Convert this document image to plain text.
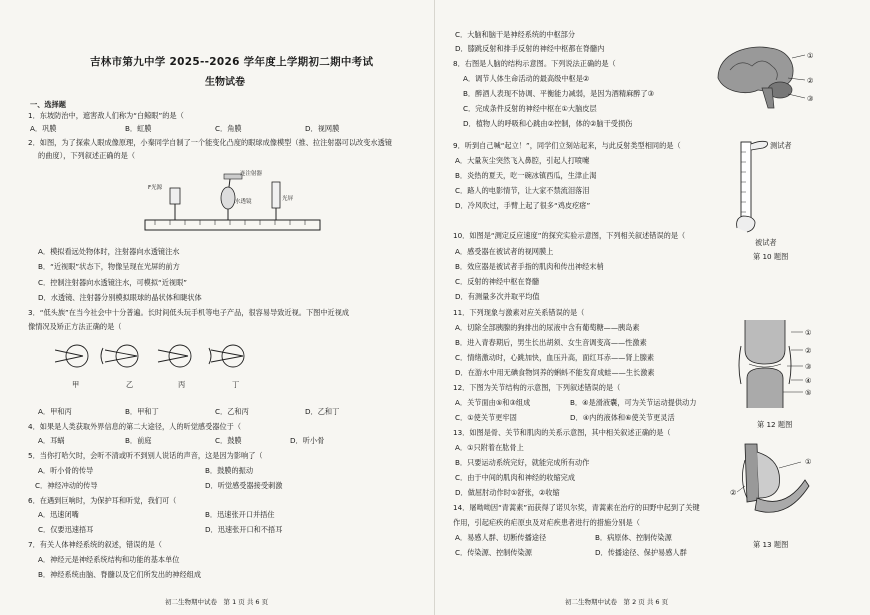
吉林市第九中学 2025--2026 学年度上学期初二期中考试
生物试卷
一、选择题
1．东坡防治中，遮害敌人们称为“白鲸眼”的是（
A．巩膜	B．虹膜	C．角膜	D．视网膜
2．如图，为了探索人眼成像原理，小秦同学自制了一个能变化凸度的眼球成像模型（推、拉注射器可以改变水透镜
的曲度），下列叙述正确的是（
F光源
连注射器
水透镜	光屏
A．模拟看远处物体时，注射器向水透镜注水
B．“近视眼”状态下，物像呈现在光屏的前方
C．控制注射器向水透镜注水，可模拟“近视眼”
D．水透镜、注射器分别模拟眼球的晶状体和睫状体
3．“低头族”在当今社会中十分普遍。长时间低头玩手机等电子产品，很容易导致近视。下图中近视成
像情况及矫正方法正确的是（
甲	乙	丙	丁
A．甲和丙	B．甲和丁	C．乙和丙	D．乙和丁
4．如果是人类获取外界信息的第二大途径，人的听觉感受器位于（
A．耳蜗	B．前庭	C．鼓膜	D．听小骨
5．当你打哈欠时，会听不清或听不到别人说话的声音，这是因为影响了（
A．听小骨的传导	B．鼓膜的振动
C．神经冲动的传导	D．听觉感受器接受刺激
6．在遇到巨响时，为保护耳和听觉，我们可（
A．迅速闭嘴	B．迅速张开口并捂住
C．仅要迅速捂耳	D．迅速张开口和不捂耳
7．有关人体神经系统的叙述，错误的是（
A．神经元是神经系统结构和功能的基本单位
B．神经系统由脑、脊髓以及它们所发出的神经组成
初二生物期中试卷　第 1 页 共 6 页
C．大脑和脑干是神经系统的中枢部分
D．膝跳反射和排手反射的神经中枢都在脊髓内
8．右图是人脑的结构示意图。下列说法正确的是（
A．调节人体生命活动的最高级中枢是②
B．醉酒人表现不协调、平衡能力减弱，是因为酒精麻醉了③
C．完成条件反射的神经中枢在①大脑皮层
D．植物人的呼吸和心跳由②控制，体的②脑干受损伤
①
②
③
9．听到自己喊“起立！”，同学们立刻站起来，与此反射类型相同的是（
A．大量灰尘突然飞入鼻腔，引起人打喷嚏
B．炎热的夏天，吃一碗冰镇西瓜，生津止渴
C．路人的电影情节，让大家不禁流泪落泪
D．冷风吹过，手臂上起了很多“鸡皮疙瘩”
测试者
被试者
第 10 题图
10．如图是“测定反应速度”的探究实验示意图，下列相关叙述错误的是（
A．感受器在被试者的视网膜上
B．效应器是被试者手指的肌肉和传出神经末梢
C．反射的神经中枢在脊髓
D．有测量多次并取平均值
11．下列现象与激素对应关系错误的是（
A．切除全部胰腺的狗排出的尿液中含有葡萄糖——胰岛素
B．进入青春期后，男生长出胡须、女生音调变高——性激素
C．情绪激动时，心跳加快，血压升高，面红耳赤——肾上腺素
D．在游水中用无碘食物饲养的蝌蚪不能发育成蛙——生长激素
①
②
③
④
⑤
第 12 题图
12．下图为关节结构的示意图，下列叙述错误的是（
A．关节面由⑤和③组成	B．④是滑液囊，可为关节运动提供动力
C．①使关节更牢固	D．④内的液体和⑥使关节更灵活
13．如图是骨、关节和肌肉的关系示意图，其中相关叙述正确的是（
A．①只附着在肱骨上
B．只要运动系统完好，就能完成所有动作
C．由于中间的肌肉和神经的收缩完成
D．做屈肘动作时①舒张，②收缩
①
②
第 13 题图
14．屠呦呦因“青蒿素”而获得了诺贝尔奖，青蒿素在治疗的田野中起到了关键
作用，引起疟疾的疟原虫及对疟疾患者进行的措施分别是（
A．易感人群、切断传播途径	B．病原体、控制传染源
C．传染源、控制传染源	D．传播途径、保护易感人群
初二生物期中试卷　第 2 页 共 6 页
